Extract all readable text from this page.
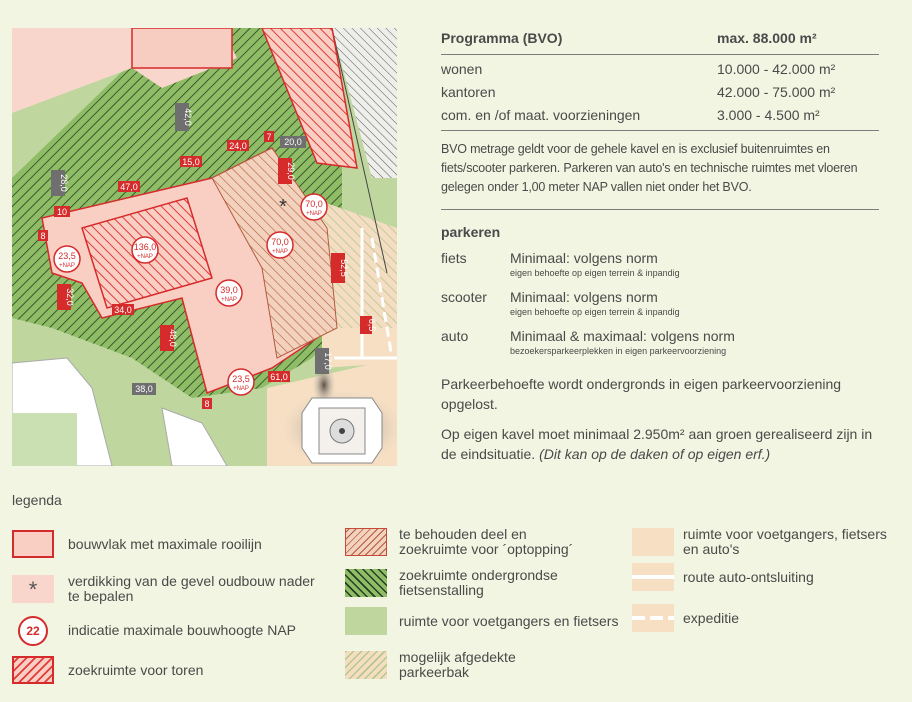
24,0
15,0
47,0
10
8
32,0
34,0
48,0
61,0
8
7
29,0
52,5
6,5
42,0
28,0
20,0
38,0
17,0
136,0
+NAP
70,0
+NAP
70,0
+NAP
39,0
+NAP
23,5
+NAP
23,5
+NAP
*
Programma (BVO)	max. 88.000 m²
wonen	10.000 - 42.000 m²
kantoren	42.000 - 75.000 m²
com. en /of maat. voorzieningen	3.000 - 4.500 m²
BVO metrage geldt voor de gehele kavel en is exclusief buitenruimtes en fiets/scooter parkeren. Parkeren van auto's en technische ruimtes met vloeren gelegen onder 1,00 meter NAP vallen niet onder het BVO.
parkeren
fiets	Minimaal: volgens norm
eigen behoefte op eigen terrein & inpandig
scooter	Minimaal: volgens norm
eigen behoefte op eigen terrein & inpandig
auto	Minimaal & maximaal: volgens norm
bezoekersparkeerplekken in eigen parkeervoorziening
Parkeerbehoefte wordt ondergronds in eigen parkeervoorziening opgelost.
Op eigen kavel moet minimaal 2.950m² aan groen gerealiseerd zijn in de eindsituatie. (Dit kan op de daken of op eigen erf.)
legenda
bouwvlak met maximale rooilijn
*	verdikking van de gevel oudbouw nader te bepalen
22	indicatie maximale bouwhoogte NAP
zoekruimte voor toren
te behouden deel en zoekruimte voor ´optopping´
zoekruimte ondergrondse fietsenstalling
ruimte voor voetgangers en fietsers
mogelijk afgedekte parkeerbak
ruimte voor voetgangers, fietsers en auto's
route auto-ontsluiting
expeditie
